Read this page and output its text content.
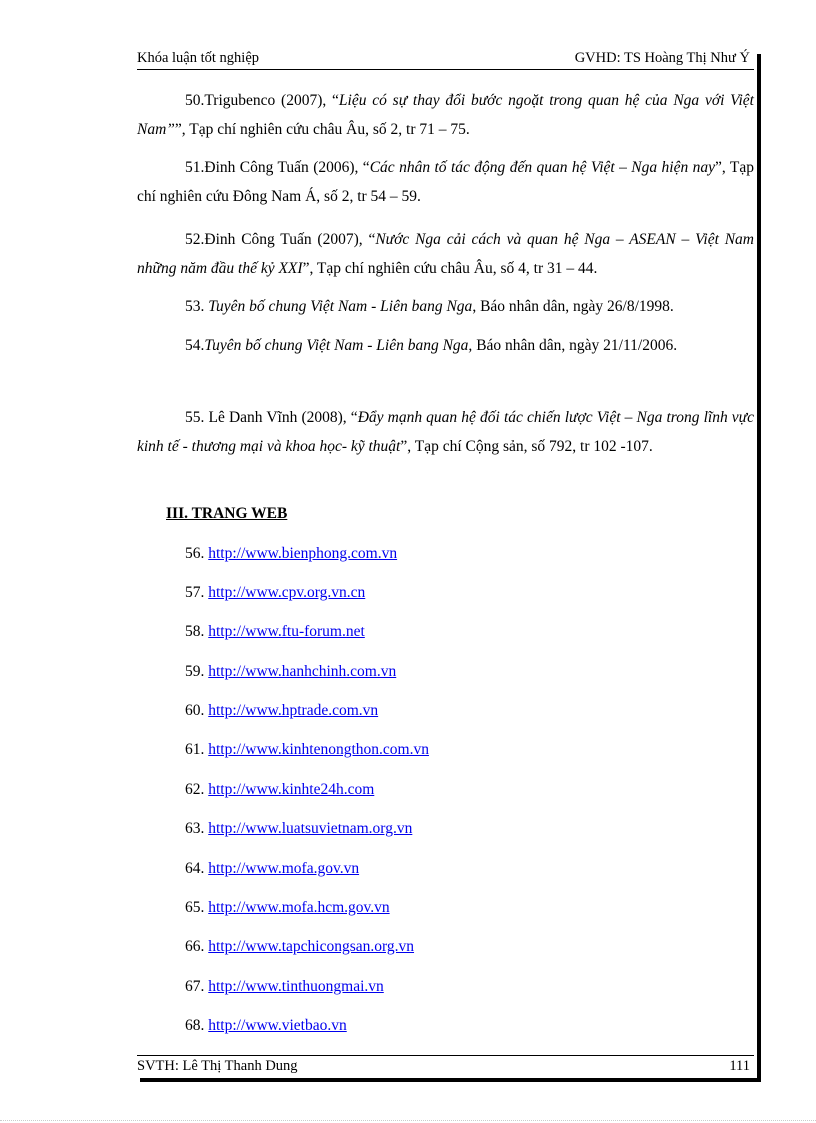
Khóa luận tốt nghiệp	GVHD: TS Hoàng Thị Như Ý
50.Trigubenco (2007), “Liệu có sự thay đổi bước ngoặt trong quan hệ của Nga với Việt Nam””, Tạp chí nghiên cứu châu Âu, số 2, tr 71 – 75.
51.Đinh Công Tuấn (2006), “Các nhân tố tác động đến quan hệ Việt – Nga hiện nay”, Tạp chí nghiên cứu Đông Nam Á, số 2, tr 54 – 59.
52.Đinh Công Tuấn (2007), “Nước Nga cải cách và quan hệ Nga – ASEAN – Việt Nam những năm đầu thế kỷ XXI”, Tạp chí nghiên cứu châu Âu, số 4, tr 31 – 44.
53. Tuyên bố chung Việt Nam - Liên bang Nga, Báo nhân dân, ngày 26/8/1998.
54.Tuyên bố chung Việt Nam - Liên bang Nga, Báo nhân dân, ngày 21/11/2006.
55. Lê Danh Vĩnh (2008), “Đẩy mạnh quan hệ đối tác chiến lược Việt – Nga trong lĩnh vực kinh tế - thương mại và khoa học- kỹ thuật”, Tạp chí Cộng sản, số 792, tr 102 -107.
III. TRANG WEB
56. http://www.bienphong.com.vn
57. http://www.cpv.org.vn.cn
58. http://www.ftu-forum.net
59. http://www.hanhchinh.com.vn
60. http://www.hptrade.com.vn
61. http://www.kinhtenongthon.com.vn
62. http://www.kinhte24h.com
63. http://www.luatsuvietnam.org.vn
64. http://www.mofa.gov.vn
65. http://www.mofa.hcm.gov.vn
66. http://www.tapchicongsan.org.vn
67. http://www.tinthuongmai.vn
68. http://www.vietbao.vn
SVTH: Lê Thị Thanh Dung	111
